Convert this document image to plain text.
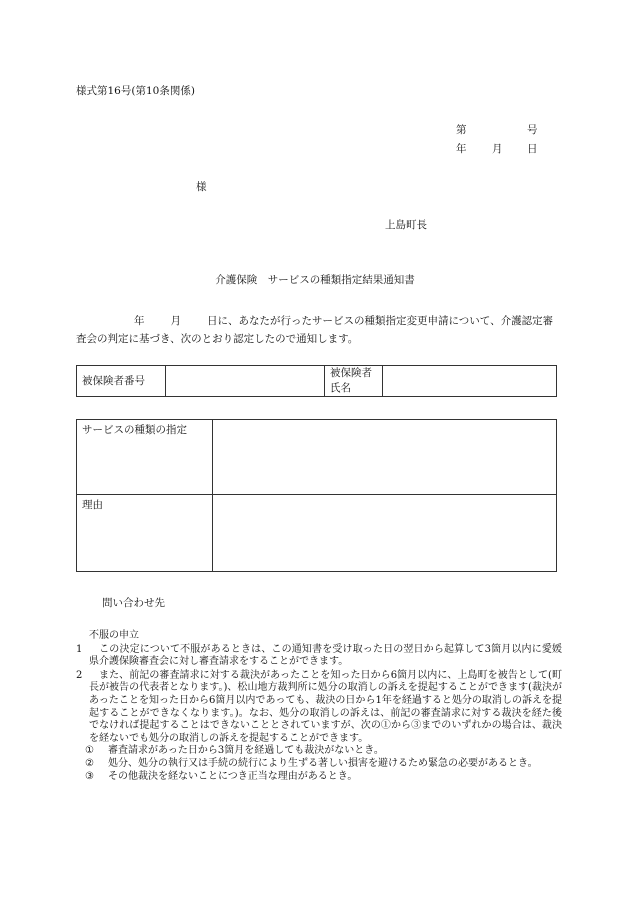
様式第16号(第10条関係)
第	号
年 月 日
様
上島町長
介護保険　サービスの種類指定結果通知書
年 月 日に、あなたが行ったサービスの種類指定変更申請について、介護認定審査会の判定に基づき、次のとおり認定したので通知します。
被保険者番号		被保険者氏名	
サービスの種類の指定	
理由	
問い合わせ先
不服の申立
1 　この決定について不服があるときは、この通知書を受け取った日の翌日から起算して3箇月以内に愛媛県介護保険審査会に対し審査請求をすることができます。
2 　また、前記の審査請求に対する裁決があったことを知った日から6箇月以内に、上島町を被告として(町長が被告の代表者となります。)、松山地方裁判所に処分の取消しの訴えを提起することができます(裁決があったことを知った日から6箇月以内であっても、裁決の日から1年を経過すると処分の取消しの訴えを提起することができなくなります。)。なお、処分の取消しの訴えは、前記の審査請求に対する裁決を経た後でなければ提起することはできないこととされていますが、次の①から③までのいずれかの場合は、裁決を経ないでも処分の取消しの訴えを提起することができます。
①	審査請求があった日から3箇月を経過しても裁決がないとき。
②	処分、処分の執行又は手続の続行により生ずる著しい損害を避けるため緊急の必要があるとき。
③	その他裁決を経ないことにつき正当な理由があるとき。
